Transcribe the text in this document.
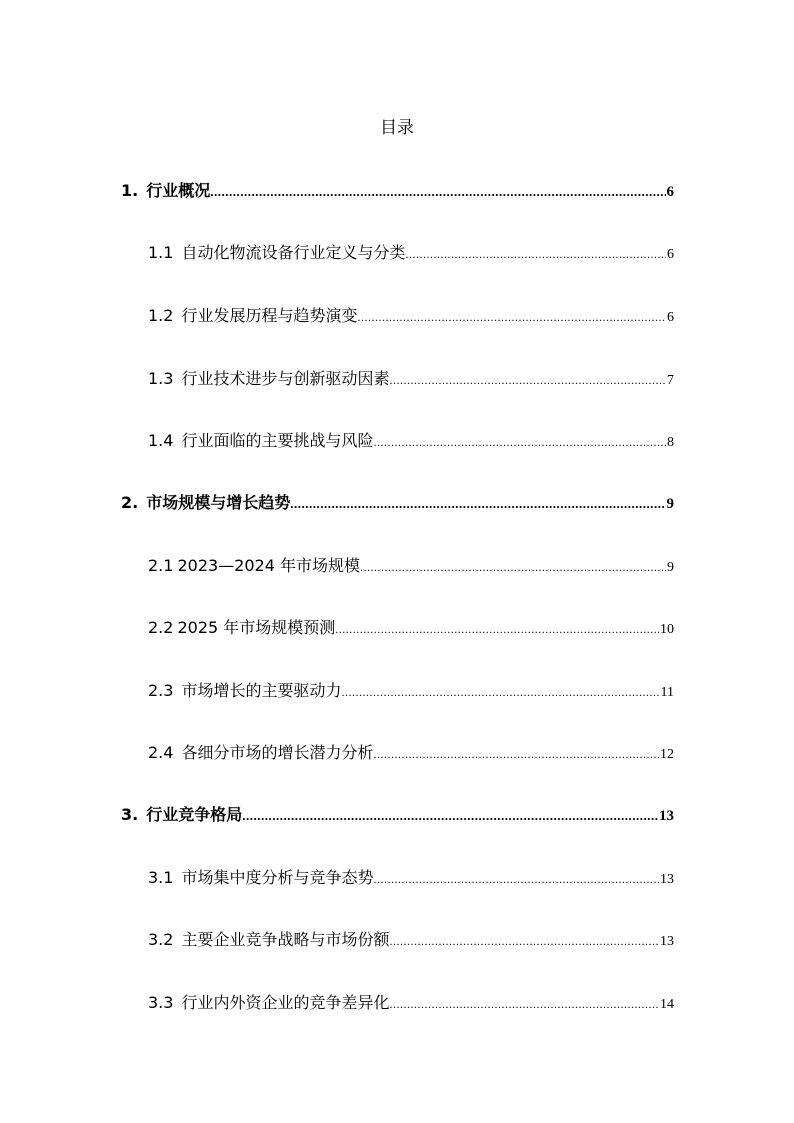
目录
1. 行业概况 .....	6
1.1 自动化物流设备行业定义与分类 .....	6
1.2 行业发展历程与趋势演变 .....	6
1.3 行业技术进步与创新驱动因素 .....	7
1.4 行业面临的主要挑战与风险 .....	8
2. 市场规模与增长趋势 .....	9
2.1 2023—2024 年市场规模 .....	9
2.2 2025 年市场规模预测 .....	10
2.3 市场增长的主要驱动力 .....	11
2.4 各细分市场的增长潜力分析 .....	12
3. 行业竞争格局 .....	13
3.1 市场集中度分析与竞争态势 .....	13
3.2 主要企业竞争战略与市场份额 .....	13
3.3 行业内外资企业的竞争差异化 .....	14
